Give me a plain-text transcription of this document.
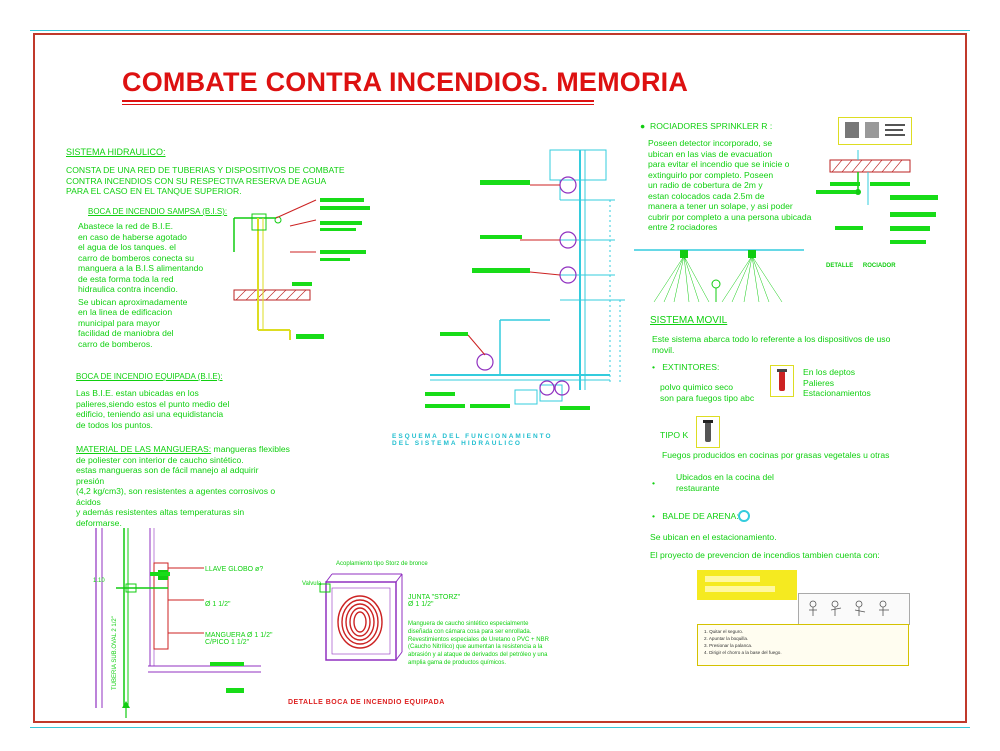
COMBATE CONTRA INCENDIOS. MEMORIA
SISTEMA HIDRAULICO:
CONSTA DE UNA RED DE TUBERIAS Y DISPOSITIVOS DE COMBATE
CONTRA INCENDIOS CON SU RESPECTIVA RESERVA DE AGUA
PARA EL CASO EN EL TANQUE SUPERIOR.
BOCA DE INCENDIO SAMPSA (B.I.S):
Abastece la red de B.I.E.
en caso de haberse agotado
el agua de los tanques. el
carro de bomberos conecta su
manguera a la B.I.S alimentando
de esta forma toda la red
hidraulica contra incendio.
Se ubican aproximadamente
en la linea de edificacion
municipal para mayor
facilidad de maniobra del
carro de bomberos.
BOCA DE INCENDIO EQUIPADA (B.I.E):
Las B.I.E. estan ubicadas en los
palieres,siendo estos el punto medio del
edificio, teniendo asi una equidistancia
de todos los puntos.
MATERIAL DE LAS MANGUERAS: mangueras flexibles
de poliester con interior de caucho sintético.
estas mangueras son de fácil manejo al adquirir
presión
(4,2 kg/cm3), son resistentes a agentes corrosivos o
ácidos
y además resistentes altas temperaturas sin
deformarse.
ESQUEMA DEL FUNCIONAMIENTO
DEL SISTEMA HIDRAULICO
● ROCIADORES SPRINKLER R :
Poseen detector incorporado, se
ubican en las vias de evacuation
para evitar el incendio que se inicie o
extinguirlo por completo. Poseen
un radio de cobertura de 2m y
estan colocados cada 2.5m de
manera a tener un solape, y asi poder
cubrir por completo a una persona ubicada
entre 2 rociadores
DETALLE ROCIADOR
SISTEMA MOVIL
Este sistema abarca todo lo referente a los dispositivos de uso
movil.
• EXTINTORES:
polvo quimico seco
son para fuegos tipo abc
En los deptos
Palieres
Estacionamientos
TIPO K
Fuegos producidos en cocinas por grasas vegetales u otras
•
Ubicados en la cocina del
restaurante
• BALDE DE ARENA:
Se ubican en el estacionamiento.
El proyecto de prevencion de incendios tambien cuenta con:
1. Quitar el seguro.
2. Apuntar la boquilla.
3. Presionar la palanca.
4. Dirigir el chorro a la base del fuego.
1.10
TUBERIA SUB.OVAL 2 1/2"
LLAVE GLOBO ø?
Ø 1 1/2"
MANGUERA Ø 1 1/2"
C/PICO 1 1/2"
Acoplamiento tipo Storz de bronce
Valvula
JUNTA "STORZ"
Ø 1 1/2"
Manguera de caucho sintético especialmente
diseñada con cámara cosa para ser enrollada.
Revestimientos especiales de Uretano o PVC + NBR
(Caucho Nitrílico) que aumentan la resistencia a la
abrasión y al ataque de derivados del petróleo y una
amplia gama de productos químicos.
DETALLE BOCA DE INCENDIO EQUIPADA
